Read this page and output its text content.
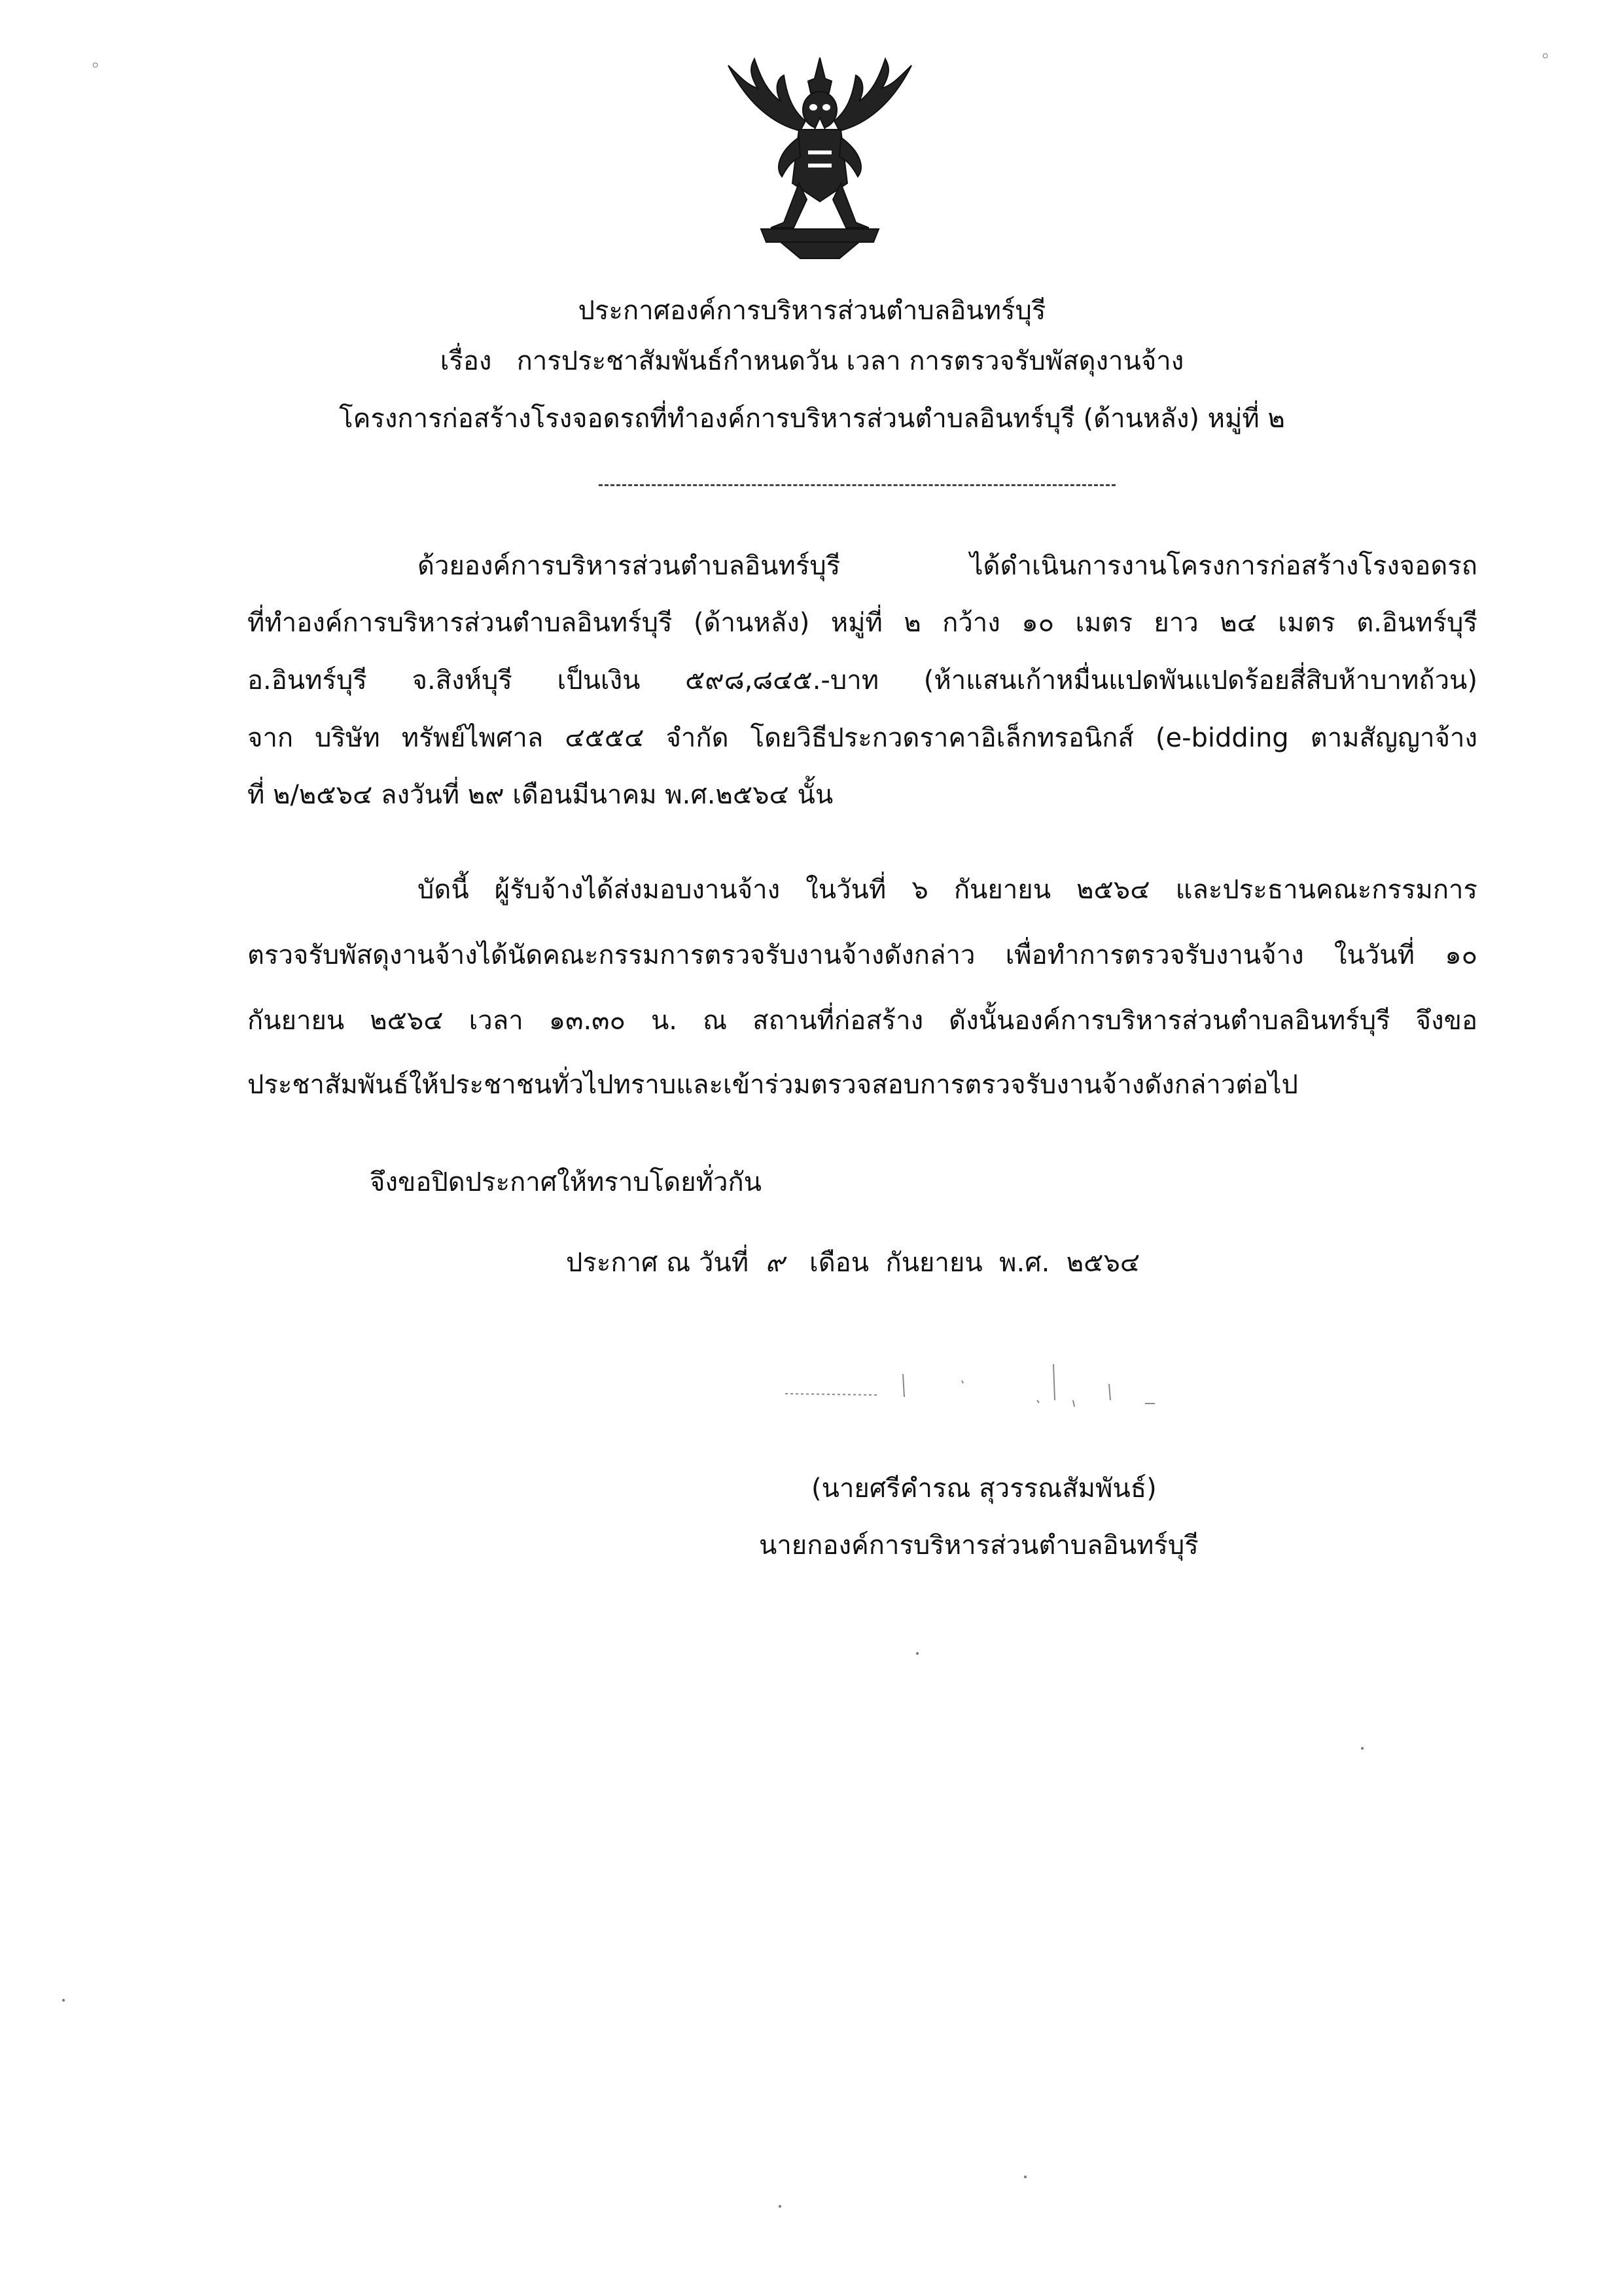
◦	◦
ประกาศองค์การบริหารส่วนตำบลอินทร์บุรี
เรื่อง การประชาสัมพันธ์กำหนดวัน เวลา การตรวจรับพัสดุงานจ้าง
โครงการก่อสร้างโรงจอดรถที่ทำองค์การบริหารส่วนตำบลอินทร์บุรี (ด้านหลัง) หมู่ที่ ๒
ด้วยองค์การบริหารส่วนตำบลอินทร์บุรี ได้ดำเนินการงานโครงการก่อสร้างโรงจอดรถ
ที่ทำองค์การบริหารส่วนตำบลอินทร์บุรี (ด้านหลัง) หมู่ที่ ๒ กว้าง ๑๐ เมตร ยาว ๒๔ เมตร ต.อินทร์บุรี
อ.อินทร์บุรี จ.สิงห์บุรี เป็นเงิน ๕๙๘,๘๔๕.-บาท (ห้าแสนเก้าหมื่นแปดพันแปดร้อยสี่สิบห้าบาทถ้วน)
จาก บริษัท ทรัพย์ไพศาล ๔๕๕๔ จำกัด โดยวิธีประกวดราคาอิเล็กทรอนิกส์ (e-bidding ตามสัญญาจ้าง
ที่ ๒/๒๕๖๔ ลงวันที่ ๒๙ เดือนมีนาคม พ.ศ.๒๕๖๔ นั้น
บัดนี้ ผู้รับจ้างได้ส่งมอบงานจ้าง ในวันที่ ๖ กันยายน ๒๕๖๔ และประธานคณะกรรมการ
ตรวจรับพัสดุงานจ้างได้นัดคณะกรรมการตรวจรับงานจ้างดังกล่าว เพื่อทำการตรวจรับงานจ้าง ในวันที่ ๑๐
กันยายน ๒๕๖๔ เวลา ๑๓.๓๐ น. ณ สถานที่ก่อสร้าง ดังนั้นองค์การบริหารส่วนตำบลอินทร์บุรี จึงขอ
ประชาสัมพันธ์ให้ประชาชนทั่วไปทราบและเข้าร่วมตรวจสอบการตรวจรับงานจ้างดังกล่าวต่อไป
จึงขอปิดประกาศให้ทราบโดยทั่วกัน
ประกาศ ณ วันที่ ๙ เดือน กันยายน พ.ศ. ๒๕๖๔
(นายศรีคำรณ สุวรรณสัมพันธ์)
นายกองค์การบริหารส่วนตำบลอินทร์บุรี
